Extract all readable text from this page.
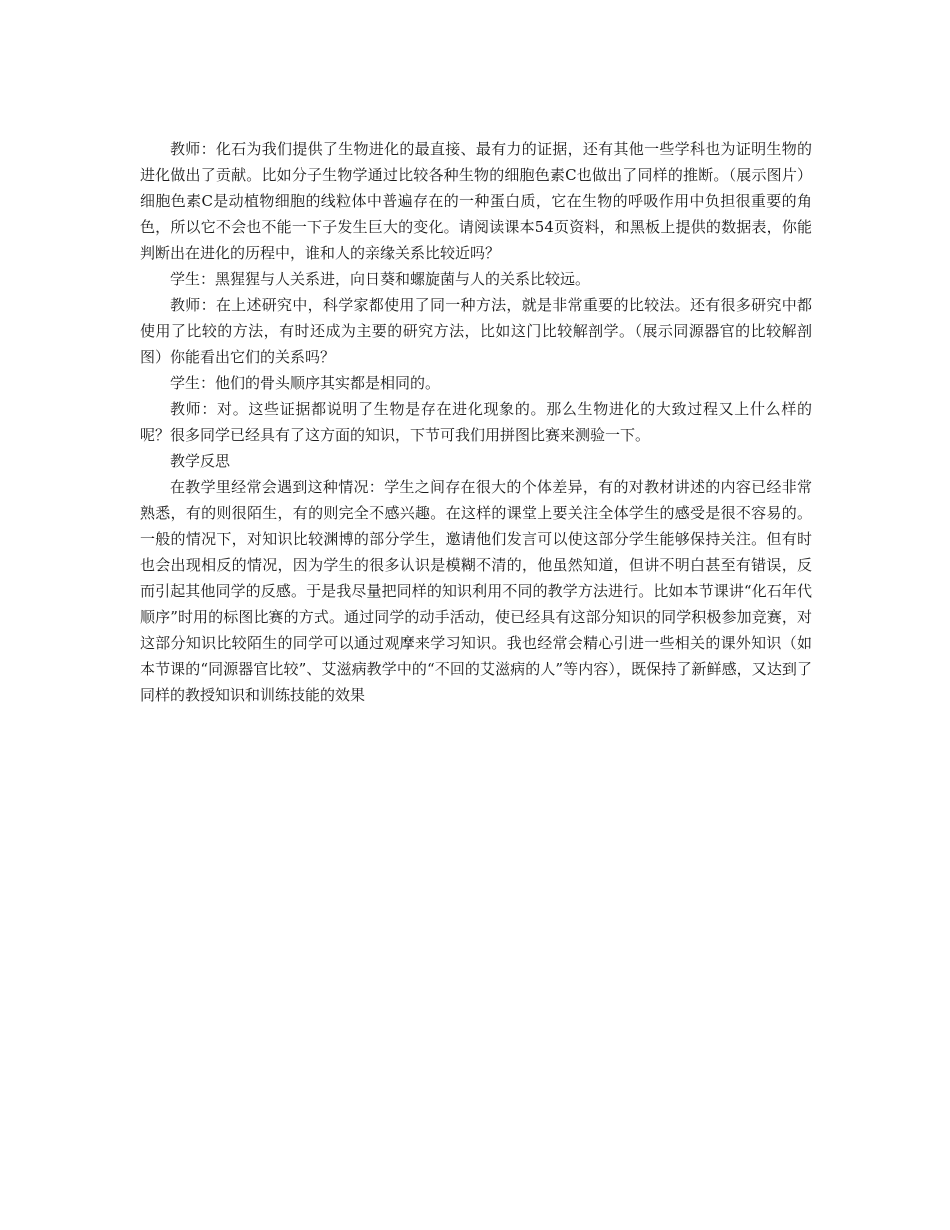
教师：化石为我们提供了生物进化的最直接、最有力的证据，还有其他一些学科也为证明生物的进化做出了贡献。比如分子生物学通过比较各种生物的细胞色素C也做出了同样的推断。（展示图片）细胞色素C是动植物细胞的线粒体中普遍存在的一种蛋白质，它在生物的呼吸作用中负担很重要的角色，所以它不会也不能一下子发生巨大的变化。请阅读课本54页资料，和黑板上提供的数据表，你能判断出在进化的历程中，谁和人的亲缘关系比较近吗？

学生：黑猩猩与人关系进，向日葵和螺旋菌与人的关系比较远。

教师：在上述研究中，科学家都使用了同一种方法，就是非常重要的比较法。还有很多研究中都使用了比较的方法，有时还成为主要的研究方法，比如这门比较解剖学。（展示同源器官的比较解剖图）你能看出它们的关系吗？

学生：他们的骨头顺序其实都是相同的。

教师：对。这些证据都说明了生物是存在进化现象的。那么生物进化的大致过程又上什么样的呢？很多同学已经具有了这方面的知识，下节可我们用拼图比赛来测验一下。

教学反思

在教学里经常会遇到这种情况：学生之间存在很大的个体差异，有的对教材讲述的内容已经非常熟悉，有的则很陌生，有的则完全不感兴趣。在这样的课堂上要关注全体学生的感受是很不容易的。一般的情况下，对知识比较渊博的部分学生，邀请他们发言可以使这部分学生能够保持关注。但有时也会出现相反的情况，因为学生的很多认识是模糊不清的，他虽然知道，但讲不明白甚至有错误，反而引起其他同学的反感。于是我尽量把同样的知识利用不同的教学方法进行。比如本节课讲“化石年代顺序”时用的标图比赛的方式。通过同学的动手活动，使已经具有这部分知识的同学积极参加竞赛，对这部分知识比较陌生的同学可以通过观摩来学习知识。我也经常会精心引进一些相关的课外知识（如本节课的“同源器官比较”、艾滋病教学中的“不回的艾滋病的人”等内容），既保持了新鲜感，又达到了同样的教授知识和训练技能的效果
